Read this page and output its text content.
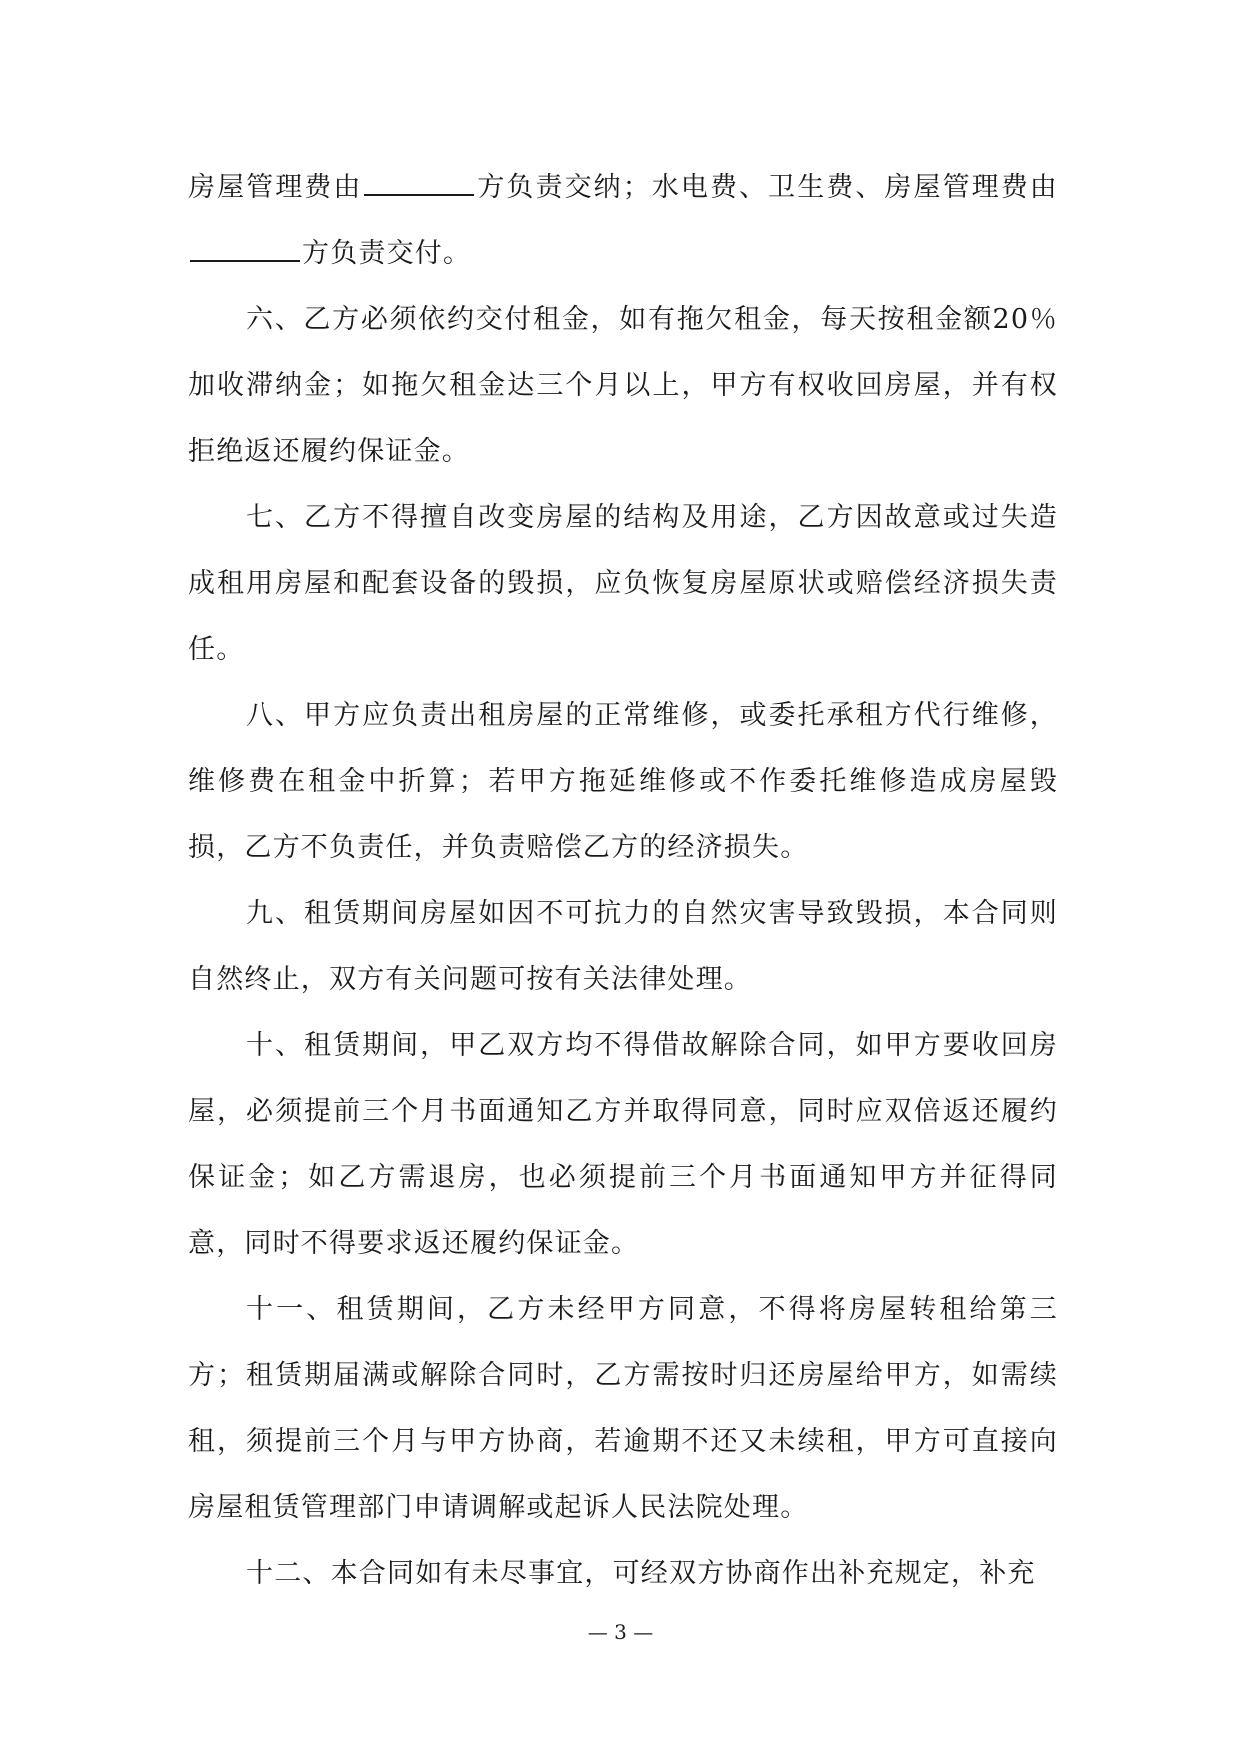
房屋管理费由	方负责交纳；水电费、卫生费、房屋管理费由方负责交付。

六、乙方必须依约交付租金，如有拖欠租金，每天按租金额20％加收滞纳金；如拖欠租金达三个月以上，甲方有权收回房屋，并有权拒绝返还履约保证金。

七、乙方不得擅自改变房屋的结构及用途，乙方因故意或过失造成租用房屋和配套设备的毁损，应负恢复房屋原状或赔偿经济损失责任。

八、甲方应负责出租房屋的正常维修，或委托承租方代行维修，维修费在租金中折算；若甲方拖延维修或不作委托维修造成房屋毁损，乙方不负责任，并负责赔偿乙方的经济损失。

九、租赁期间房屋如因不可抗力的自然灾害导致毁损，本合同则自然终止，双方有关问题可按有关法律处理。

十、租赁期间，甲乙双方均不得借故解除合同，如甲方要收回房屋，必须提前三个月书面通知乙方并取得同意，同时应双倍返还履约保证金；如乙方需退房，也必须提前三个月书面通知甲方并征得同意，同时不得要求返还履约保证金。

十一、租赁期间，乙方未经甲方同意，不得将房屋转租给第三方；租赁期届满或解除合同时，乙方需按时归还房屋给甲方，如需续租，须提前三个月与甲方协商，若逾期不还又未续租，甲方可直接向房屋租赁管理部门申请调解或起诉人民法院处理。

十二、本合同如有未尽事宜，可经双方协商作出补充规定，补充

— 3 —
